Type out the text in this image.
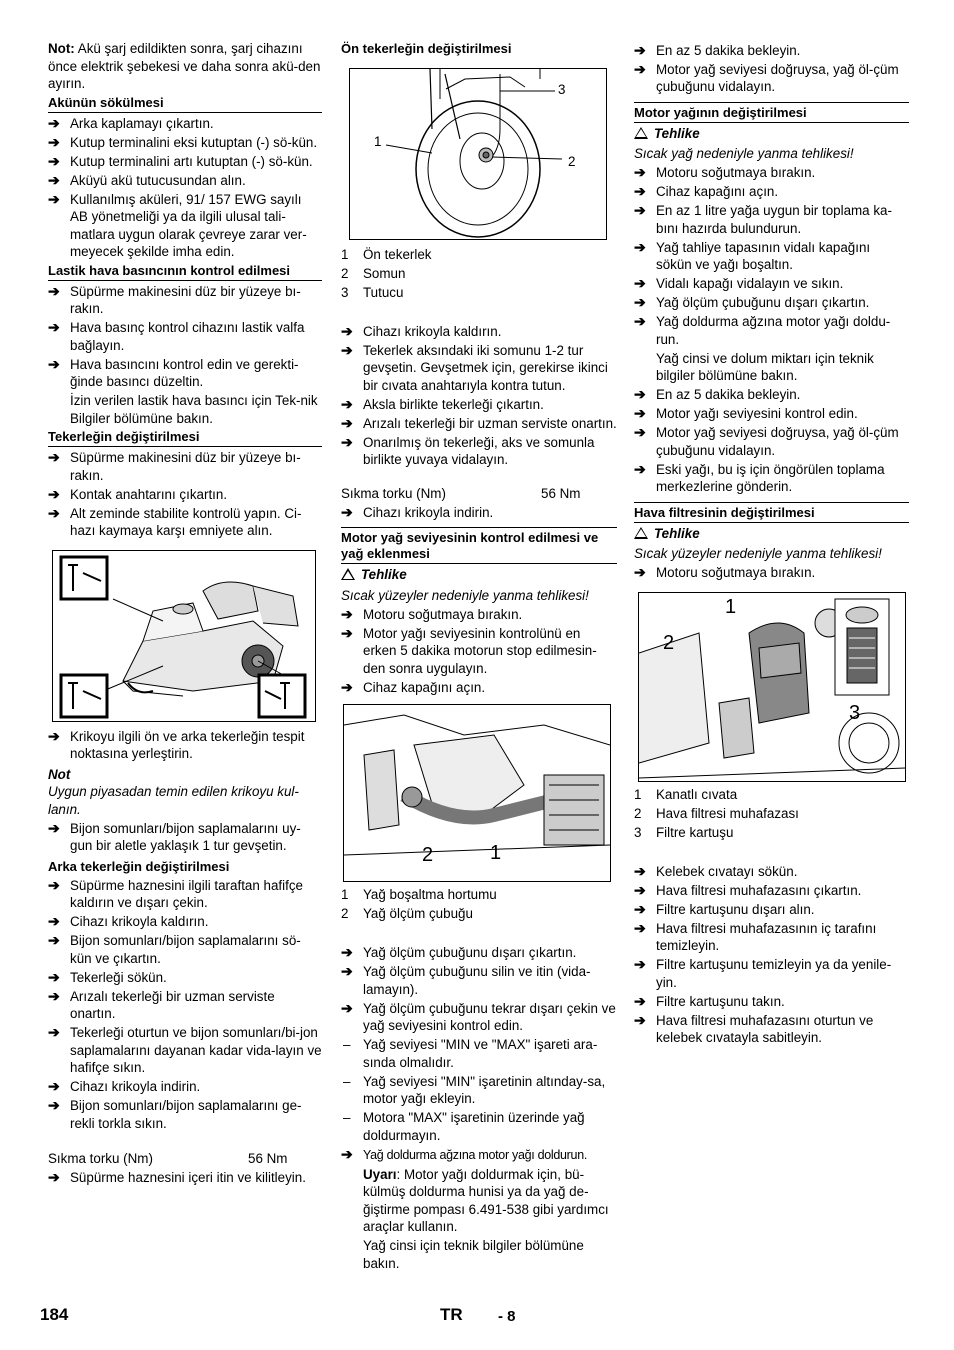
Not: Akü şarj edildikten sonra, şarj cihazını önce elektrik şebekesi ve daha sonra akü-den ayırın.

Akünün sökülmesi
➔ Arka kaplamayı çıkartın.
➔ Kutup terminalini eksi kutuptan (-) sö-kün.
➔ Kutup terminalini artı kutuptan (-) sö-kün.
➔ Aküyü akü tutucusundan alın.
➔ Kullanılmış aküleri, 91/ 157 EWG sayılı AB yönetmeliği ya da ilgili ulusal tali-matlara uygun olarak çevreye zarar ver-meyecek şekilde imha edin.
Lastik hava basıncının kontrol edilmesi
➔ Süpürme makinesini düz bir yüzeye bı-rakın.
➔ Hava basınç kontrol cihazını lastik valfa bağlayın.
➔ Hava basıncını kontrol edin ve gerekti-ğinde basıncı düzeltin.
İzin verilen lastik hava basıncı için Tek-nik Bilgiler bölümüne bakın.
Tekerleğin değiştirilmesi
➔ Süpürme makinesini düz bir yüzeye bı-rakın.
➔ Kontak anahtarını çıkartın.
➔ Alt zeminde stabilite kontrolü yapın. Ci-hazı kaymaya karşı emniyete alın.
➔ Krikoyu ilgili ön ve arka tekerleğin tespit noktasına yerleştirin.
Not
Uygun piyasadan temin edilen krikoyu kul-lanın.
➔ Bijon somunları/bijon saplamalarını uy-gun bir aletle yaklaşık 1 tur gevşetin.
Arka tekerleğin değiştirilmesi
➔ Süpürme haznesini ilgili taraftan hafifçe kaldırın ve dışarı çekin.
➔ Cihazı krikoyla kaldırın.
➔ Bijon somunları/bijon saplamalarını sö-kün ve çıkartın.
➔ Tekerleği sökün.
➔ Arızalı tekerleği bir uzman serviste onartın.
➔ Tekerleği oturtun ve bijon somunları/bi-jon saplamalarını dayanan kadar vida-layın ve hafifçe sıkın.
➔ Cihazı krikoyla indirin.
➔ Bijon somunları/bijon saplamalarını ge-rekli torkla sıkın.
Sıkma torku (Nm)	56 Nm
➔ Süpürme haznesini içeri itin ve kilitleyin.
Ön tekerleğin değiştirilmesi
1
2
3
1	Ön tekerlek
2	Somun
3	Tutucu
➔ Cihazı krikoyla kaldırın.
➔ Tekerlek aksındaki iki somunu 1-2 tur gevşetin. Gevşetmek için, gerekirse ikinci bir cıvata anahtarıyla kontra tutun.
➔ Aksla birlikte tekerleği çıkartın.
➔ Arızalı tekerleği bir uzman serviste onartın.
➔ Onarılmış ön tekerleği, aks ve somunla birlikte yuvaya vidalayın.
Sıkma torku (Nm)	56 Nm
➔ Cihazı krikoyla indirin.
Motor yağ seviyesinin kontrol edilmesi ve yağ eklenmesi
Tehlike
Sıcak yüzeyler nedeniyle yanma tehlikesi!
➔ Motoru soğutmaya bırakın.
➔ Motor yağı seviyesinin kontrolünü en erken 5 dakika motorun stop edilmesin-den sonra uygulayın.
➔ Cihaz kapağını açın.
2	1
1	Yağ boşaltma hortumu
2	Yağ ölçüm çubuğu
➔ Yağ ölçüm çubuğunu dışarı çıkartın.
➔ Yağ ölçüm çubuğunu silin ve itin (vida-lamayın).
➔ Yağ ölçüm çubuğunu tekrar dışarı çekin ve yağ seviyesini kontrol edin.
– Yağ seviyesi "MIN ve "MAX" işareti ara-sında olmalıdır.
– Yağ seviyesi "MIN" işaretinin altınday-sa, motor yağı ekleyin.
– Motora "MAX" işaretinin üzerinde yağ doldurmayın.
➔ Yağ doldurma ağzına motor yağı doldurun.
Uyarı: Motor yağı doldurmak için, bü-külmüş doldurma hunisi ya da yağ de-ğiştirme pompası 6.491-538 gibi yardımcı araçlar kullanın.
Yağ cinsi için teknik bilgiler bölümüne bakın.
➔ En az 5 dakika bekleyin.
➔ Motor yağ seviyesi doğruysa, yağ öl-çüm çubuğunu vidalayın.
Motor yağının değiştirilmesi
Tehlike
Sıcak yağ nedeniyle yanma tehlikesi!
➔ Motoru soğutmaya bırakın.
➔ Cihaz kapağını açın.
➔ En az 1 litre yağa uygun bir toplama ka-bını hazırda bulundurun.
➔ Yağ tahliye tapasının vidalı kapağını sökün ve yağı boşaltın.
➔ Vidalı kapağı vidalayın ve sıkın.
➔ Yağ ölçüm çubuğunu dışarı çıkartın.
➔ Yağ doldurma ağzına motor yağı doldu-run.
Yağ cinsi ve dolum miktarı için teknik bilgiler bölümüne bakın.
➔ En az 5 dakika bekleyin.
➔ Motor yağı seviyesini kontrol edin.
➔ Motor yağ seviyesi doğruysa, yağ öl-çüm çubuğunu vidalayın.
➔ Eski yağı, bu iş için öngörülen toplama merkezlerine gönderin.
Hava filtresinin değiştirilmesi
Tehlike
Sıcak yüzeyler nedeniyle yanma tehlikesi!
➔ Motoru soğutmaya bırakın.
1
2
3
1	Kanatlı cıvata
2	Hava filtresi muhafazası
3	Filtre kartuşu
➔ Kelebek cıvatayı sökün.
➔ Hava filtresi muhafazasını çıkartın.
➔ Filtre kartuşunu dışarı alın.
➔ Hava filtresi muhafazasının iç tarafını temizleyin.
➔ Filtre kartuşunu temizleyin ya da yenile-yin.
➔ Filtre kartuşunu takın.
➔ Hava filtresi muhafazasını oturtun ve kelebek cıvatayla sabitleyin.
184	TR - 8
